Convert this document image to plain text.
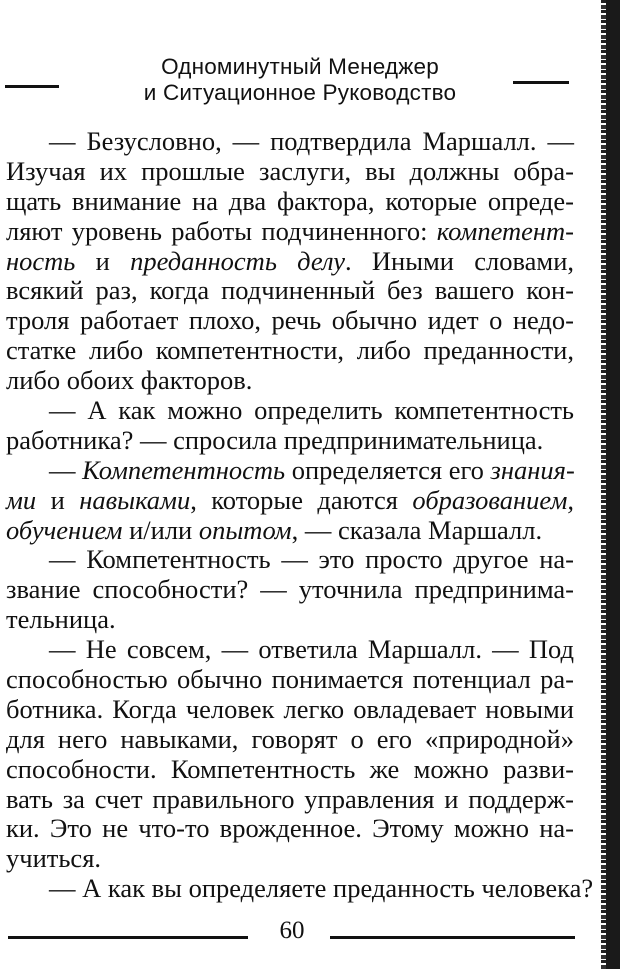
Одноминутный Менеджер
и Ситуационное Руководство
— Безусловно, — подтвердила Маршалл. —
Изучая их прошлые заслуги, вы должны обра-
щать внимание на два фактора, которые опреде-
ляют уровень работы подчиненного: компетент-
ность и преданность делу. Иными словами,
всякий раз, когда подчиненный без вашего кон-
троля работает плохо, речь обычно идет о недо-
статке либо компетентности, либо преданности,
либо обоих факторов.
— А как можно определить компетентность
работника? — спросила предпринимательница.
— Компетентность определяется его знания-
ми и навыками, которые даются образованием,
обучением и/или опытом, — сказала Маршалл.
— Компетентность — это просто другое на-
звание способности? — уточнила предпринима-
тельница.
— Не совсем, — ответила Маршалл. — Под
способностью обычно понимается потенциал ра-
ботника. Когда человек легко овладевает новыми
для него навыками, говорят о его «природной»
способности. Компетентность же можно разви-
вать за счет правильного управления и поддерж-
ки. Это не что-то врожденное. Этому можно на-
учиться.
— А как вы определяете преданность человека?
60
